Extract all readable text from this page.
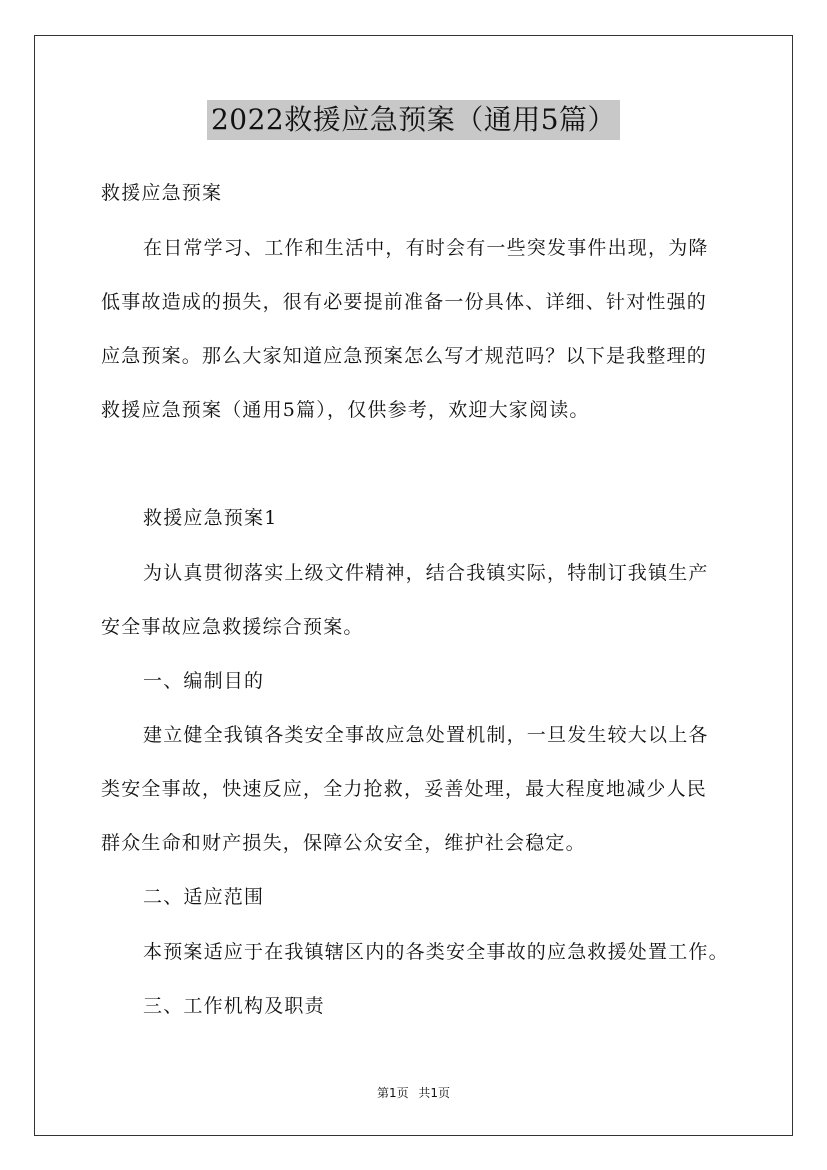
2022救援应急预案（通用5篇）
救援应急预案
在日常学习、工作和生活中，有时会有一些突发事件出现，为降
低事故造成的损失，很有必要提前准备一份具体、详细、针对性强的
应急预案。那么大家知道应急预案怎么写才规范吗？以下是我整理的
救援应急预案（通用5篇），仅供参考，欢迎大家阅读。
救援应急预案1
为认真贯彻落实上级文件精神，结合我镇实际，特制订我镇生产
安全事故应急救援综合预案。
一、编制目的
建立健全我镇各类安全事故应急处置机制，一旦发生较大以上各
类安全事故，快速反应，全力抢救，妥善处理，最大程度地减少人民
群众生命和财产损失，保障公众安全，维护社会稳定。
二、适应范围
本预案适应于在我镇辖区内的各类安全事故的应急救援处置工作。
三、工作机构及职责
第1页 共1页
